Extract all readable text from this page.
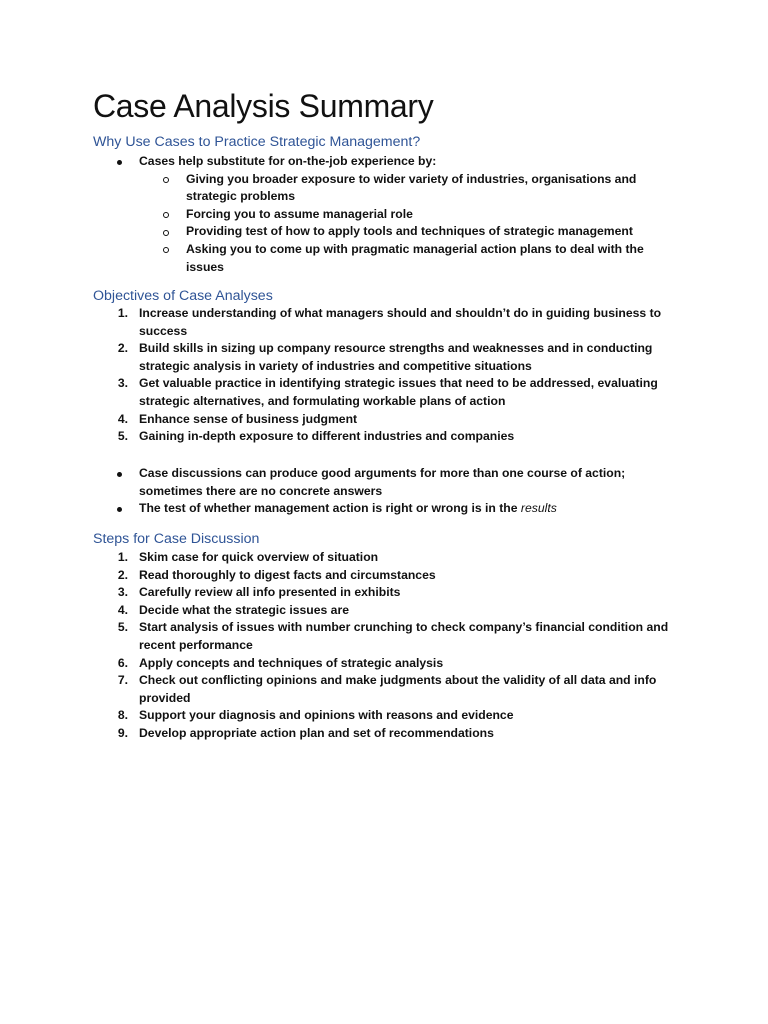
Case Analysis Summary
Why Use Cases to Practice Strategic Management?
Cases help substitute for on-the-job experience by:
Giving you broader exposure to wider variety of industries, organisations and strategic problems
Forcing you to assume managerial role
Providing test of how to apply tools and techniques of strategic management
Asking you to come up with pragmatic managerial action plans to deal with the issues
Objectives of Case Analyses
1. Increase understanding of what managers should and shouldn’t do in guiding business to success
2. Build skills in sizing up company resource strengths and weaknesses and in conducting strategic analysis in variety of industries and competitive situations
3. Get valuable practice in identifying strategic issues that need to be addressed, evaluating strategic alternatives, and formulating workable plans of action
4. Enhance sense of business judgment
5. Gaining in-depth exposure to different industries and companies
Case discussions can produce good arguments for more than one course of action; sometimes there are no concrete answers
The test of whether management action is right or wrong is in the results
Steps for Case Discussion
1. Skim case for quick overview of situation
2. Read thoroughly to digest facts and circumstances
3. Carefully review all info presented in exhibits
4. Decide what the strategic issues are
5. Start analysis of issues with number crunching to check company’s financial condition and recent performance
6. Apply concepts and techniques of strategic analysis
7. Check out conflicting opinions and make judgments about the validity of all data and info provided
8. Support your diagnosis and opinions with reasons and evidence
9. Develop appropriate action plan and set of recommendations
